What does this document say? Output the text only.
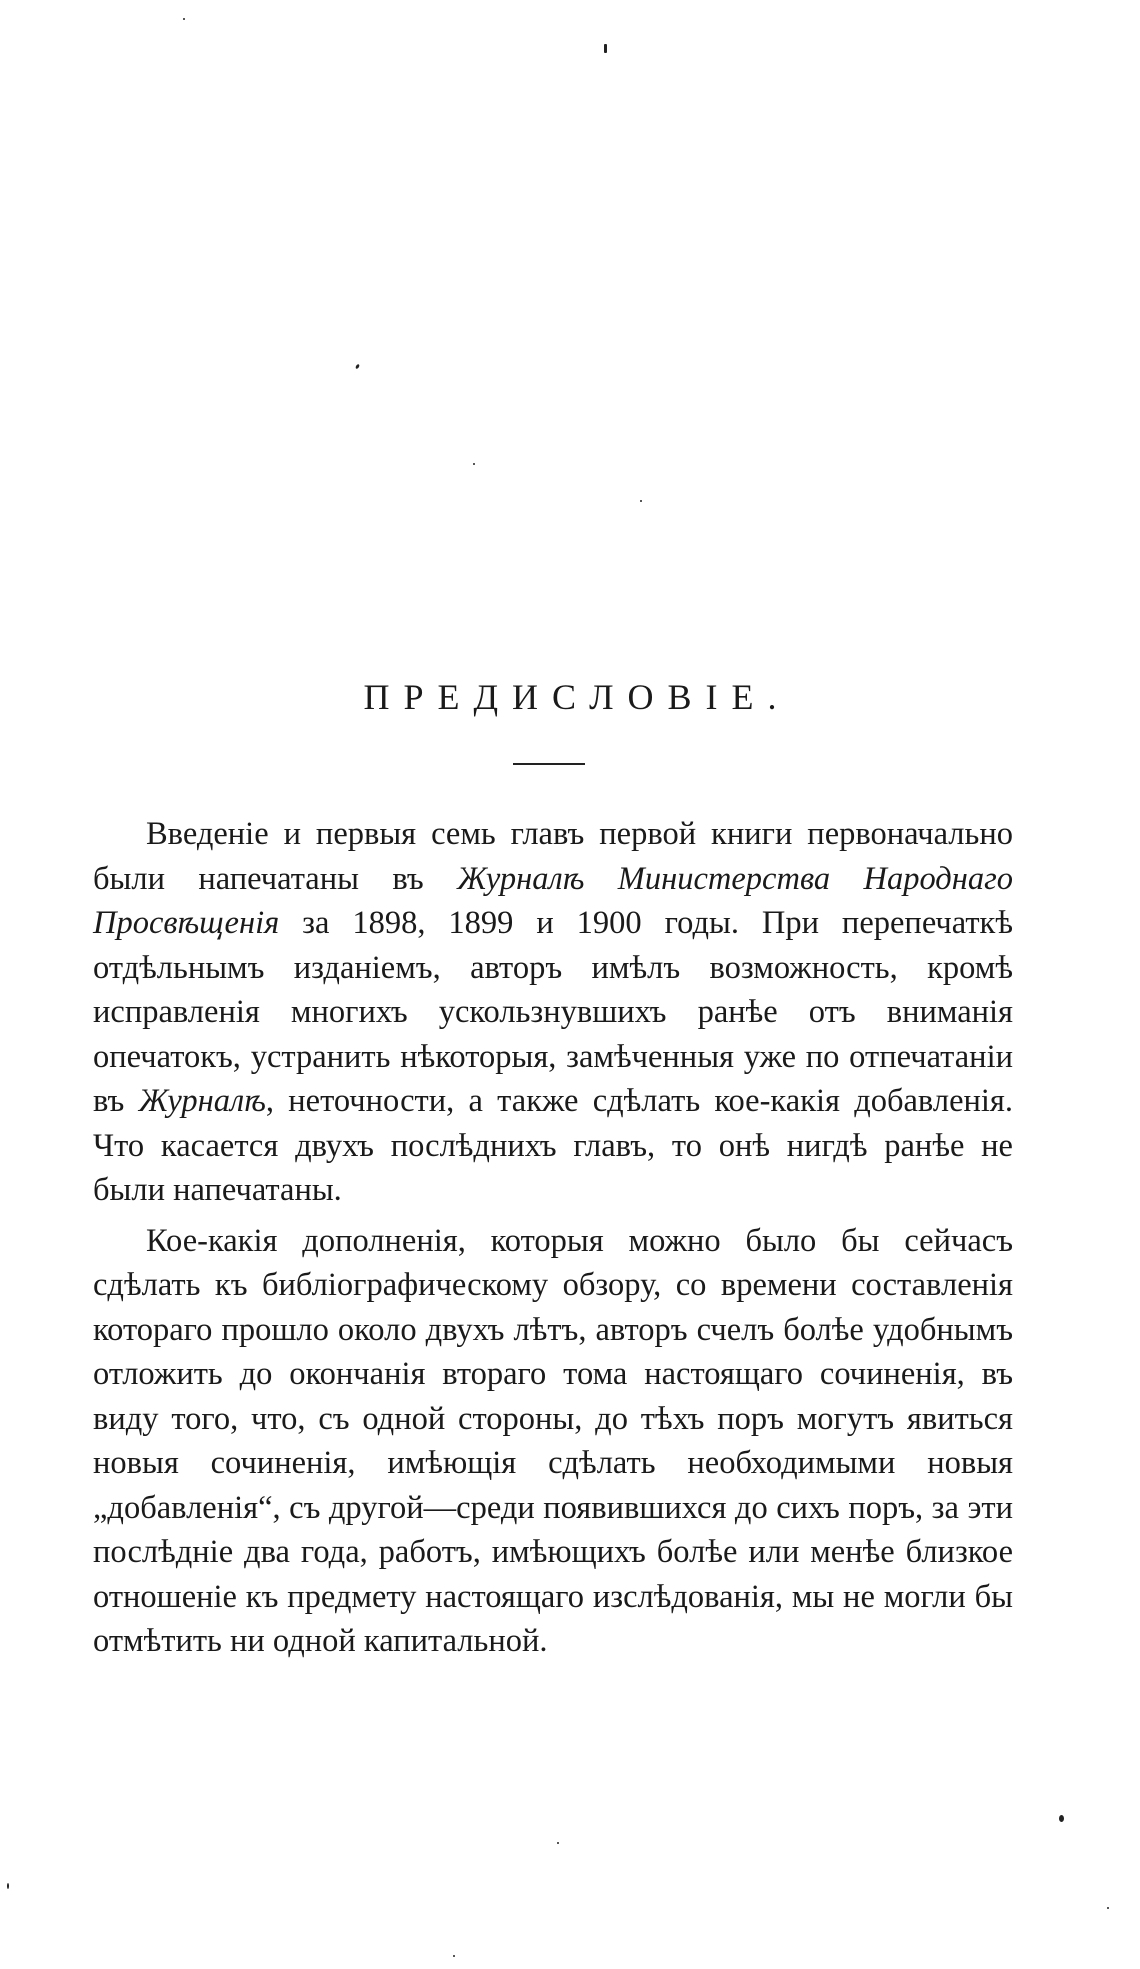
ПРЕДИСЛОВІЕ.

Введеніе и первыя семь главъ первой книги первоначально были напечатаны въ Журналѣ Министерства Народнаго Просвѣщенія за 1898, 1899 и 1900 годы. При перепечаткѣ отдѣльнымъ изданіемъ, авторъ имѣлъ возможность, кромѣ исправленія многихъ ускользнувшихъ ранѣе отъ вниманія опечатокъ, устранить нѣкоторыя, замѣченныя уже по отпечатаніи въ Журналѣ, неточности, а также сдѣлать кое-какія добавленія. Что касается двухъ послѣднихъ главъ, то онѣ нигдѣ ранѣе не были напечатаны.

Кое-какія дополненія, которыя можно было бы сейчасъ сдѣлать къ библіографическому обзору, со времени составленія котораго прошло около двухъ лѣтъ, авторъ счелъ болѣе удобнымъ отложить до окончанія втораго тома настоящаго сочиненія, въ виду того, что, съ одной стороны, до тѣхъ поръ могутъ явиться новыя сочиненія, имѣющія сдѣлать необходимыми новыя „добавленія“, съ другой—среди появившихся до сихъ поръ, за эти послѣдніе два года, работъ, имѣющихъ болѣе или менѣе близкое отношеніе къ предмету настоящаго изслѣдованія, мы не могли бы отмѣтить ни одной капитальной.
